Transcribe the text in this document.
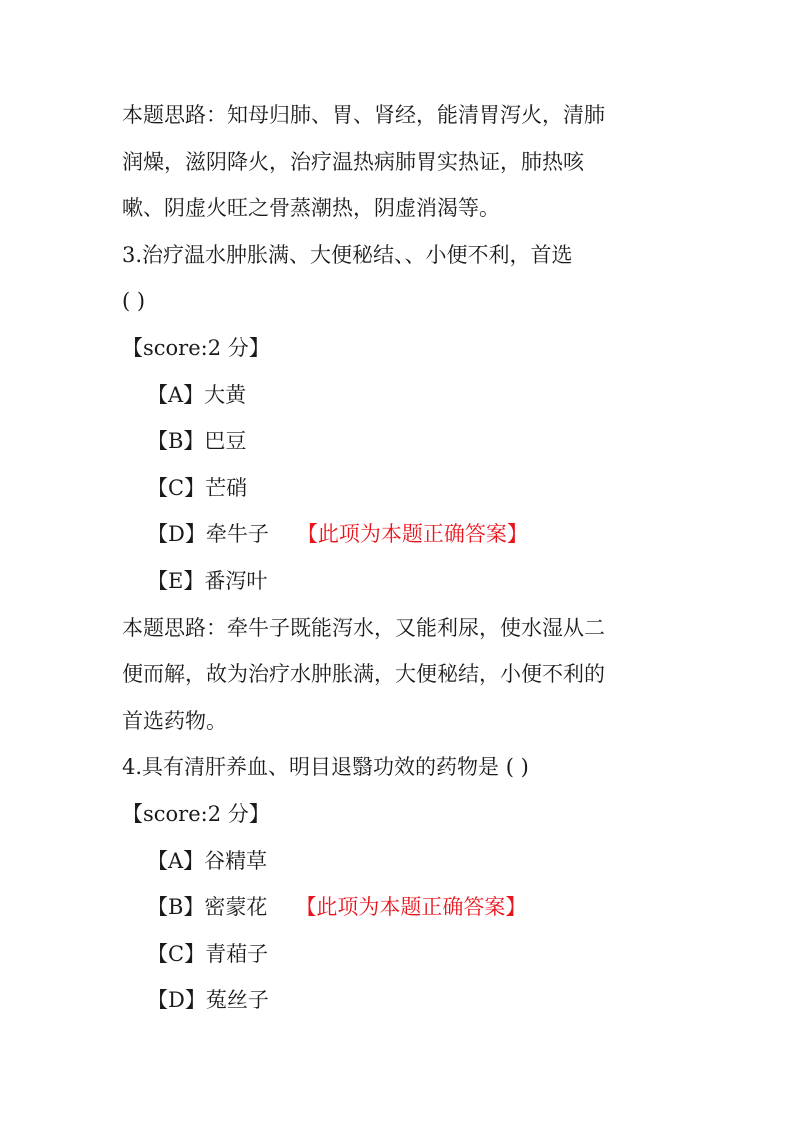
本题思路：知母归肺、胃、肾经，能清胃泻火，清肺
润燥，滋阴降火，治疗温热病肺胃实热证，肺热咳
嗽、阴虚火旺之骨蒸潮热，阴虚消渴等。
3.治疗温水肿胀满、大便秘结、、小便不利，首选
( )
【score:2 分】
【A】大黄
【B】巴豆
【C】芒硝
【D】牵牛子 【此项为本题正确答案】
【E】番泻叶
本题思路：牵牛子既能泻水，又能利尿，使水湿从二
便而解，故为治疗水肿胀满，大便秘结，小便不利的
首选药物。
4.具有清肝养血、明目退翳功效的药物是 ( )
【score:2 分】
【A】谷精草
【B】密蒙花 【此项为本题正确答案】
【C】青葙子
【D】菟丝子
